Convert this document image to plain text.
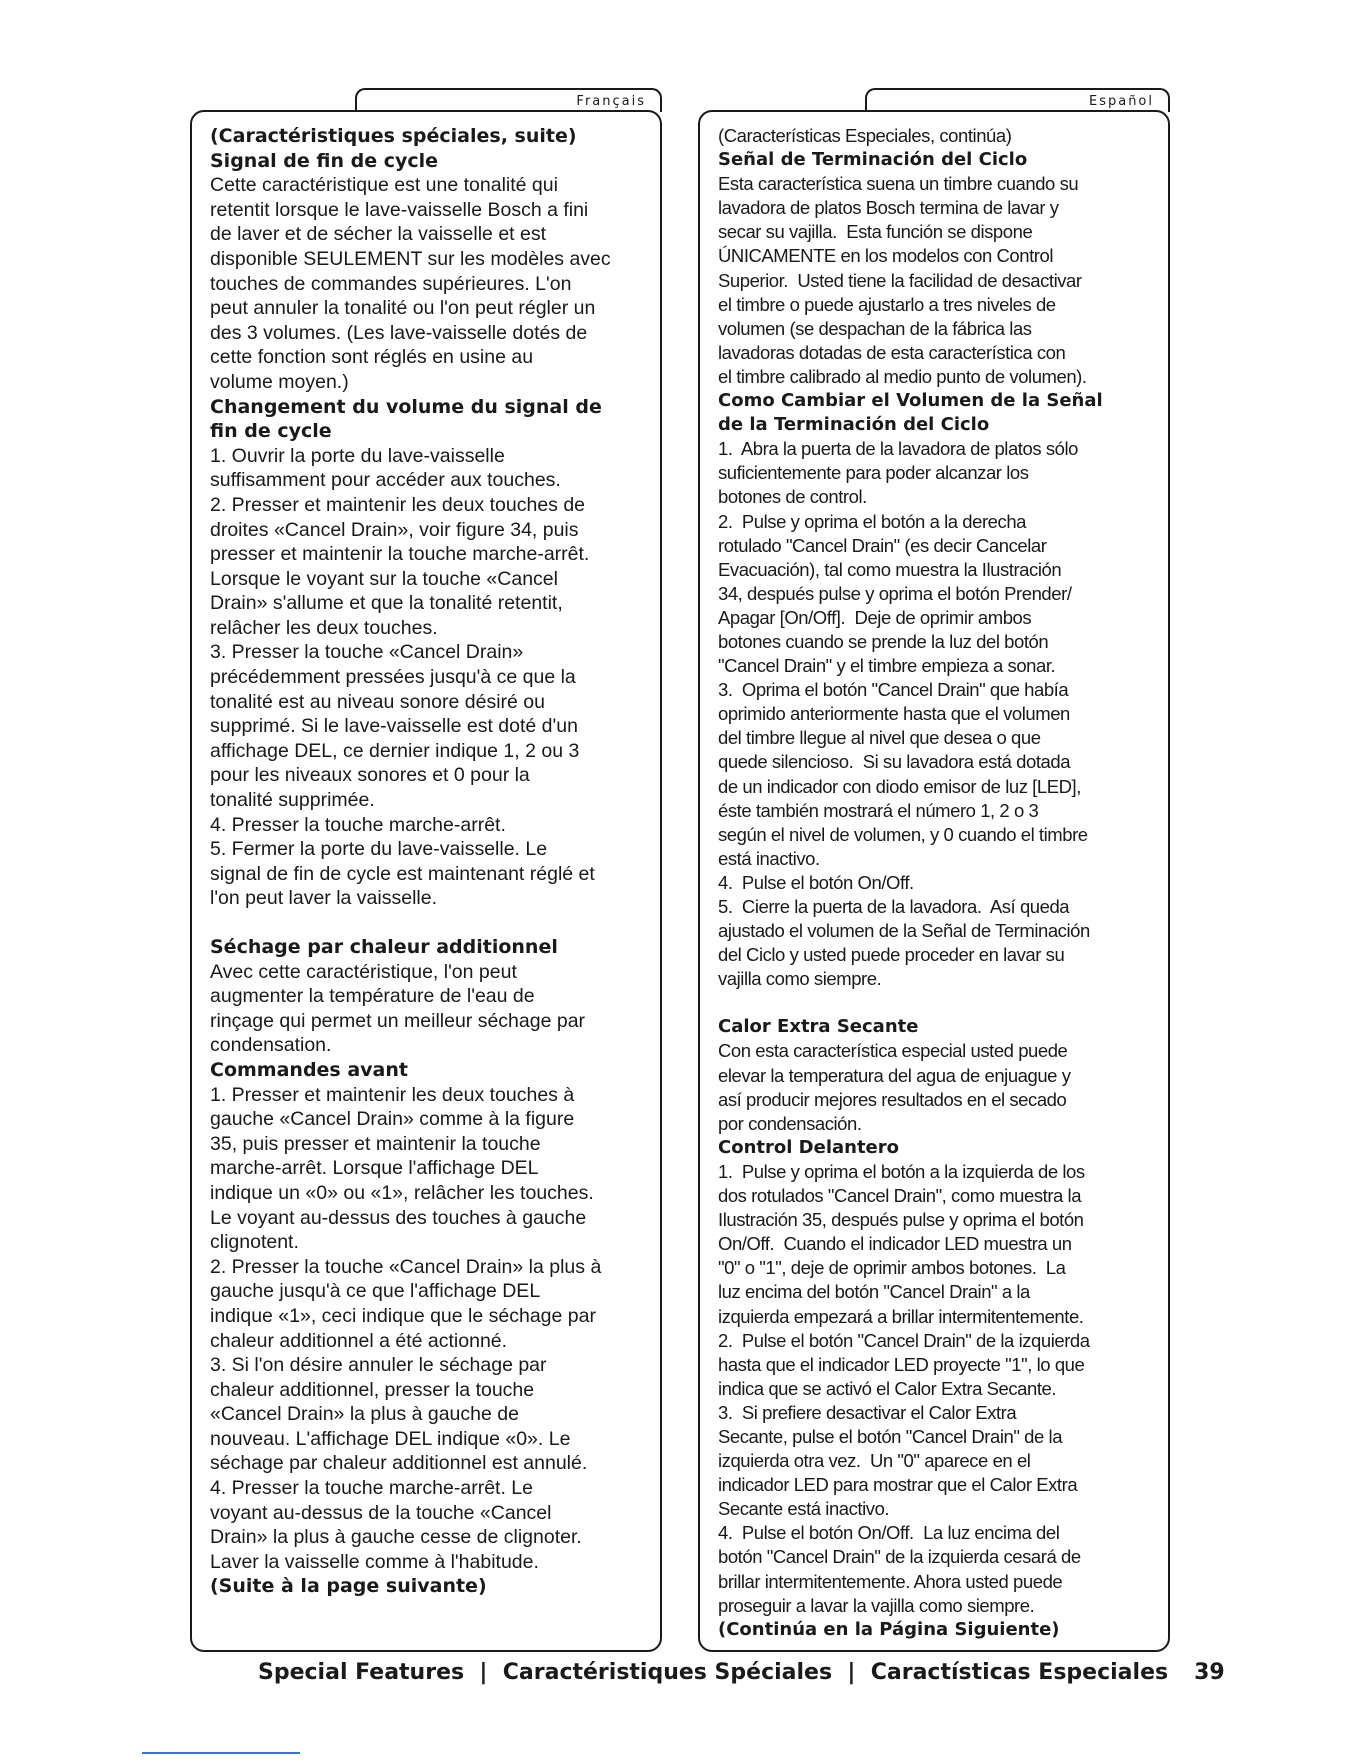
Français	Español

(Caractéristiques spéciales, suite)

Signal de fin de cycle

Cette caractéristique est une tonalité qui

retentit lorsque le lave-vaisselle Bosch a fini

de laver et de sécher la vaisselle et est

disponible SEULEMENT sur les modèles avec

touches de commandes supérieures. L'on

peut annuler la tonalité ou l'on peut régler un

des 3 volumes. (Les lave-vaisselle dotés de

cette fonction sont réglés en usine au

volume moyen.)

Changement du volume du signal de

fin de cycle

1. Ouvrir la porte du lave-vaisselle

suffisamment pour accéder aux touches.

2. Presser et maintenir les deux touches de

droites «Cancel Drain», voir figure 34, puis

presser et maintenir la touche marche-arrêt.

Lorsque le voyant sur la touche «Cancel

Drain» s'allume et que la tonalité retentit,

relâcher les deux touches.

3. Presser la touche «Cancel Drain»

précédemment pressées jusqu'à ce que la

tonalité est au niveau sonore désiré ou

supprimé. Si le lave-vaisselle est doté d'un

affichage DEL, ce dernier indique 1, 2 ou 3

pour les niveaux sonores et 0 pour la

tonalité supprimée.

4. Presser la touche marche-arrêt.

5. Fermer la porte du lave-vaisselle. Le

signal de fin de cycle est maintenant réglé et

l'on peut laver la vaisselle.

Séchage par chaleur additionnel

Avec cette caractéristique, l'on peut

augmenter la température de l'eau de

rinçage qui permet un meilleur séchage par

condensation.

Commandes avant

1. Presser et maintenir les deux touches à

gauche «Cancel Drain» comme à la figure

35, puis presser et maintenir la touche

marche-arrêt. Lorsque l'affichage DEL

indique un «0» ou «1», relâcher les touches.

Le voyant au-dessus des touches à gauche

clignotent.

2. Presser la touche «Cancel Drain» la plus à

gauche jusqu'à ce que l'affichage DEL

indique «1», ceci indique que le séchage par

chaleur additionnel a été actionné.

3. Si l'on désire annuler le séchage par

chaleur additionnel, presser la touche

«Cancel Drain» la plus à gauche de

nouveau. L'affichage DEL indique «0». Le

séchage par chaleur additionnel est annulé.

4. Presser la touche marche-arrêt. Le

voyant au-dessus de la touche «Cancel

Drain» la plus à gauche cesse de clignoter.

Laver la vaisselle comme à l'habitude.

(Suite à la page suivante)

(Características Especiales, continúa)

Señal de Terminación del Ciclo

Esta característica suena un timbre cuando su

lavadora de platos Bosch termina de lavar y

secar su vajilla.  Esta función se dispone

ÚNICAMENTE en los modelos con Control

Superior.  Usted tiene la facilidad de desactivar

el timbre o puede ajustarlo a tres niveles de

volumen (se despachan de la fábrica las

lavadoras dotadas de esta característica con

el timbre calibrado al medio punto de volumen).

Como Cambiar el Volumen de la Señal

de la Terminación del Ciclo

1.  Abra la puerta de la lavadora de platos sólo

suficientemente para poder alcanzar los

botones de control.

2.  Pulse y oprima el botón a la derecha

rotulado "Cancel Drain" (es decir Cancelar

Evacuación), tal como muestra la Ilustración

34, después pulse y oprima el botón Prender/

Apagar [On/Off].  Deje de oprimir ambos

botones cuando se prende la luz del botón

"Cancel Drain" y el timbre empieza a sonar.

3.  Oprima el botón "Cancel Drain" que había

oprimido anteriormente hasta que el volumen

del timbre llegue al nivel que desea o que

quede silencioso.  Si su lavadora está dotada

de un indicador con diodo emisor de luz [LED],

éste también mostrará el número 1, 2 o 3

según el nivel de volumen, y 0 cuando el timbre

está inactivo.

4.  Pulse el botón On/Off.

5.  Cierre la puerta de la lavadora.  Así queda

ajustado el volumen de la Señal de Terminación

del Ciclo y usted puede proceder en lavar su

vajilla como siempre.

Calor Extra Secante

Con esta característica especial usted puede

elevar la temperatura del agua de enjuague y

así producir mejores resultados en el secado

por condensación.

Control Delantero

1.  Pulse y oprima el botón a la izquierda de los

dos rotulados "Cancel Drain", como muestra la

Ilustración 35, después pulse y oprima el botón

On/Off.  Cuando el indicador LED muestra un

"0" o "1", deje de oprimir ambos botones.  La

luz encima del botón "Cancel Drain" a la

izquierda empezará a brillar intermitentemente.

2.  Pulse el botón "Cancel Drain" de la izquierda

hasta que el indicador LED proyecte "1", lo que

indica que se activó el Calor Extra Secante.

3.  Si prefiere desactivar el Calor Extra

Secante, pulse el botón "Cancel Drain" de la

izquierda otra vez.  Un "0" aparece en el

indicador LED para mostrar que el Calor Extra

Secante está inactivo.

4.  Pulse el botón On/Off.  La luz encima del

botón "Cancel Drain" de la izquierda cesará de

brillar intermitentemente. Ahora usted puede

proseguir a lavar la vajilla como siempre.

(Continúa en la Página Siguiente)

Special Features  |  Caractéristiques Spéciales  |  Caractísticas Especiales 39
